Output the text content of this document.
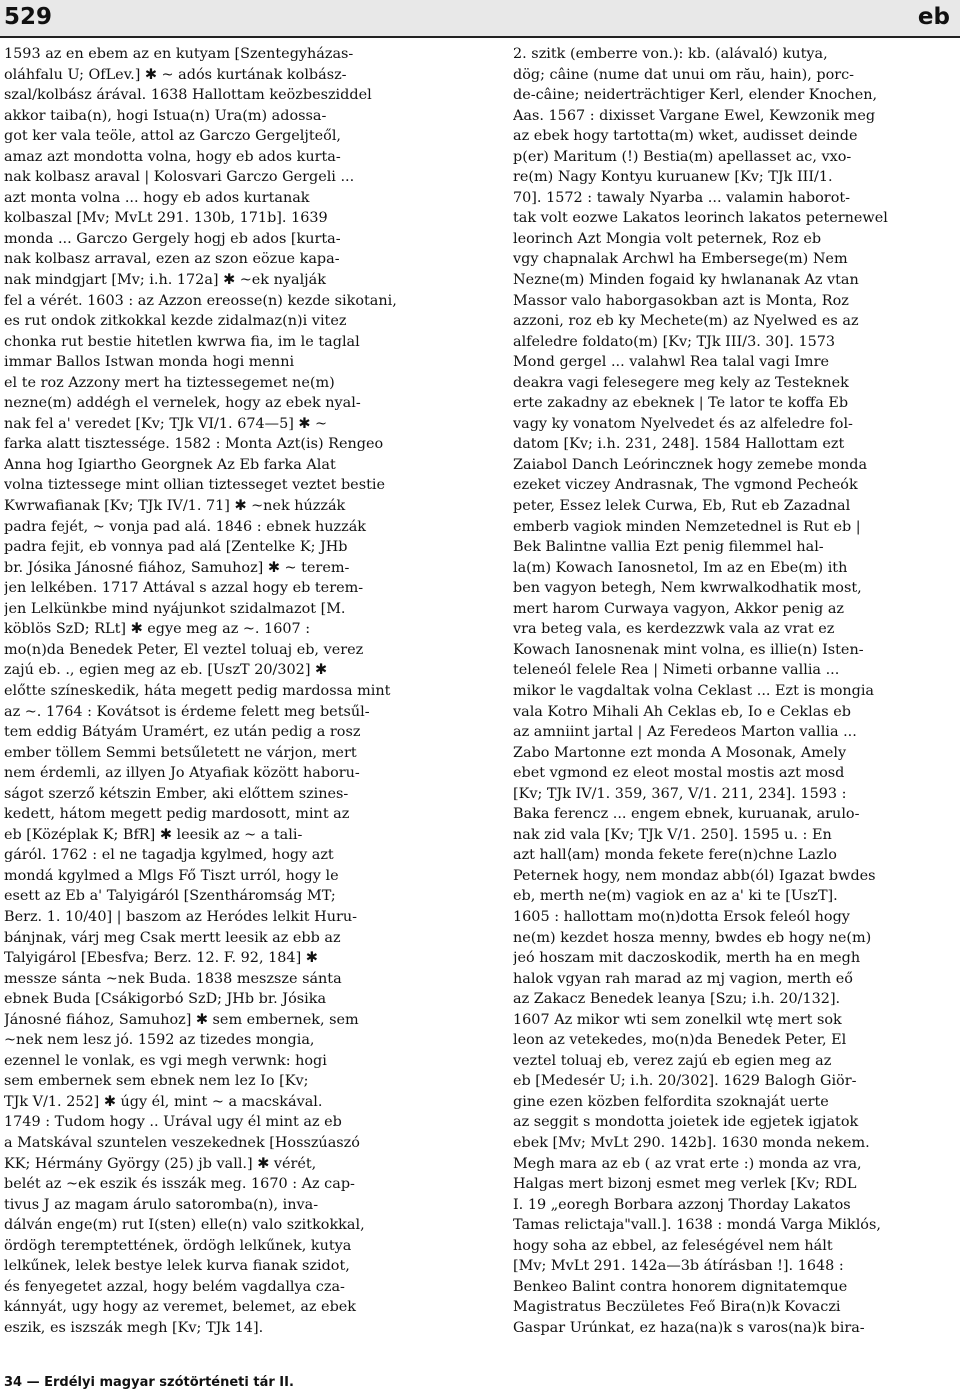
529	eb
1593 az en ebem az en kutyam [Szentegyházas-
oláhfalu U; OfLev.] ✱ ~ adós kurtának kolbász-
szal/kolbász árával. 1638 Hallottam keözbesziddel
akkor taiba(n), hogi Istua(n) Ura(m) adossa-
got ker vala teöle, attol az Garczo Gergeljteől,
amaz azt mondotta volna, hogy eb ados kurta-
nak kolbasz araval | Kolosvari Garczo Gergeli ...
azt monta volna ... hogy eb ados kurtanak
kolbaszal [Mv; MvLt 291. 130b, 171b]. 1639
monda ... Garczo Gergely hogj eb ados [kurta-
nak kolbasz arraval, ezen az szon eözue kapa-
nak mindgjart [Mv; i.h. 172a] ✱ ~ek nyalják
fel a vérét. 1603 : az Azzon ereosse(n) kezde sikotani,
es rut ondok zitkokkal kezde zidalmaz(n)i vitez
chonka rut bestie hitetlen kwrwa fia, im le taglal
immar Ballos Istwan monda hogi menni
el te roz Azzony mert ha tiztessegemet ne(m)
nezne(m) addégh el vernelek, hogy az ebek nyal-
nak fel a' veredet [Kv; TJk VI/1. 674—5] ✱ ~
farka alatt tisztessége. 1582 : Monta Azt(is) Rengeo
Anna hog Igiartho Georgnek Az Eb farka Alat
volna tiztessege mint ollian tiztesseget veztet bestie
Kwrwafianak [Kv; TJk IV/1. 71] ✱ ~nek húzzák
padra fejét, ~ vonja pad alá. 1846 : ebnek huzzák
padra fejit, eb vonnya pad alá [Zentelke K; JHb
br. Jósika Jánosné fiához, Samuhoz] ✱ ~ terem-
jen lelkében. 1717 Attával s azzal hogy eb terem-
jen Lelkünkbe mind nyájunkot szidalmazot [M.
köblös SzD; RLt] ✱ egye meg az ~. 1607 :
mo(n)da Benedek Peter, El veztel toluaj eb, verez
zajú eb. ., egien meg az eb. [UszT 20/302] ✱
előtte színeskedik, háta megett pedig mardossa mint
az ~. 1764 : Kovátsot is érdeme felett meg betsűl-
tem eddig Bátyám Uramért, ez után pedig a rosz
ember töllem Semmi betsűletett ne várjon, mert
nem érdemli, az illyen Jo Atyafiak között haboru-
ságot szerző kétszin Ember, aki előttem szines-
kedett, hátom megett pedig mardosott, mint az
eb [Középlak K; BfR] ✱ leesik az ~ a tali-
gáról. 1762 : el ne tagadja kgylmed, hogy azt
mondá kgylmed a Mlgs Fő Tiszt urról, hogy le
esett az Eb a' Talyigáról [Szentháromság MT;
Berz. 1. 10/40] | baszom az Heródes lelkit Huru-
bánjnak, várj meg Csak mertt leesik az ebb az
Talyigárol [Ebesfva; Berz. 12. F. 92, 184] ✱
messze sánta ~nek Buda. 1838 meszsze sánta
ebnek Buda [Csákigorbó SzD; JHb br. Jósika
Jánosné fiához, Samuhoz] ✱ sem embernek, sem
~nek nem lesz jó. 1592 az tizedes mongia,
ezennel le vonlak, es vgi megh verwnk: hogi
sem embernek sem ebnek nem lez Io [Kv;
TJk V/1. 252] ✱ úgy él, mint ~ a macskával.
1749 : Tudom hogy .. Urával ugy él mint az eb
a Matskával szuntelen veszekednek [Hosszúaszó
KK; Hérmány György (25) jb vall.] ✱ vérét,
belét az ~ek eszik és isszák meg. 1670 : Az cap-
tivus J az magam árulo satoromba(n), inva-
dálván enge(m) rut I(sten) elle(n) valo szitkokkal,
ördögh teremptettének, ördögh lelkűnek, kutya
lelkűnek, lelek bestye lelek kurva fianak szidot,
és fenyegetet azzal, hogy belém vagdallya cza-
kánnyát, ugy hogy az veremet, belemet, az ebek
eszik, es iszszák megh [Kv; TJk 14].
2. szitk (emberre von.): kb. (alávaló) kutya,
dög; câine (nume dat unui om rău, hain), porc-
de-câine; neiderträchtiger Kerl, elender Knochen,
Aas. 1567 : dixisset Vargane Ewel, Kewzonik meg
az ebek hogy tartotta(m) wket, audisset deinde
p(er) Maritum (!) Bestia(m) apellasset ac, vxo-
re(m) Nagy Kontyu kuruanew [Kv; TJk III/1.
70]. 1572 : tawaly Nyarba ... valamin haborot-
tak volt eozwe Lakatos leorinch lakatos peternewel
leorinch Azt Mongia volt peternek, Roz eb
vgy chapnalak Archwl ha Embersege(m) Nem
Nezne(m) Minden fogaid ky hwlananak Az vtan
Massor valo haborgasokban azt is Monta, Roz
azzoni, roz eb ky Mechete(m) az Nyelwed es az
alfeledre foldato(m) [Kv; TJk III/3. 30]. 1573
Mond gergel ... valahwl Rea talal vagi Imre
deakra vagi felesegere meg kely az Testeknek
erte zakadny az ebeknek | Te lator te koffa Eb
vagy ky vonatom Nyelvedet és az alfeledre fol-
datom [Kv; i.h. 231, 248]. 1584 Hallottam ezt
Zaiabol Danch Leórincznek hogy zemebe monda
ezeket viczey Andrasnak, The vgmond Pecheók
peter, Essez lelek Curwa, Eb, Rut eb Zazadnal
emberb vagiok minden Nemzetednel is Rut eb |
Bek Balintne vallia Ezt penig filemmel hal-
la(m) Kowach Ianosnetol, Im az en Ebe(m) ith
ben vagyon betegh, Nem kwrwalkodhatik most,
mert harom Curwaya vagyon, Akkor penig az
vra beteg vala, es kerdezzwk vala az vrat ez
Kowach Ianosnenak mint volna, es illie(n) Isten-
teleneól felele Rea | Nimeti orbanne vallia ...
mikor le vagdaltak volna Ceklast ... Ezt is mongia
vala Kotro Mihali Ah Ceklas eb, Io e Ceklas eb
az amniint jartal | Az Feredeos Marton vallia ...
Zabo Martonne ezt monda A Mosonak, Amely
ebet vgmond ez eleot mostal mostis azt mosd
[Kv; TJk IV/1. 359, 367, V/1. 211, 234]. 1593 :
Baka ferencz ... engem ebnek, kuruanak, arulo-
nak zid vala [Kv; TJk V/1. 250]. 1595 u. : En
azt hall⟨am⟩ monda fekete fere(n)chne Lazlo
Peternek hogy, nem mondaz abb(ól) Igazat bwdes
eb, merth ne(m) vagiok en az a' ki te [UszT].
1605 : hallottam mo(n)dotta Ersok feleól hogy
ne(m) kezdet hosza menny, bwdes eb hogy ne(m)
jeó hoszam mit daczoskodik, merth ha en megh
halok vgyan rah marad az mj vagion, merth eő
az Zakacz Benedek leanya [Szu; i.h. 20/132].
1607 Az mikor wti sem zonelkil wtę mert sok
leon az vetekedes, mo(n)da Benedek Peter, El
veztel toluaj eb, verez zajú eb egien meg az
eb [Medesér U; i.h. 20/302]. 1629 Balogh Giör-
gine ezen közben felfordita szoknaját uerte
az seggit s mondotta joietek ide egjetek igjatok
ebek [Mv; MvLt 290. 142b]. 1630 monda nekem.
Megh mara az eb ( az vrat erte :) monda az vra,
Halgas mert bizonj esmet meg verlek [Kv; RDL
I. 19 „eoregh Borbara azzonj Thorday Lakatos
Tamas relictaja"vall.]. 1638 : mondá Varga Miklós,
hogy soha az ebbel, az feleségével nem hált
[Mv; MvLt 291. 142a—3b átírásban !]. 1648 :
Benkeo Balint contra honorem dignitatemque
Magistratus Beczületes Feő Bira(n)k Kovaczi
Gaspar Urúnkat, ez haza(na)k s varos(na)k bira-
34 — Erdélyi magyar szótörténeti tár II.
